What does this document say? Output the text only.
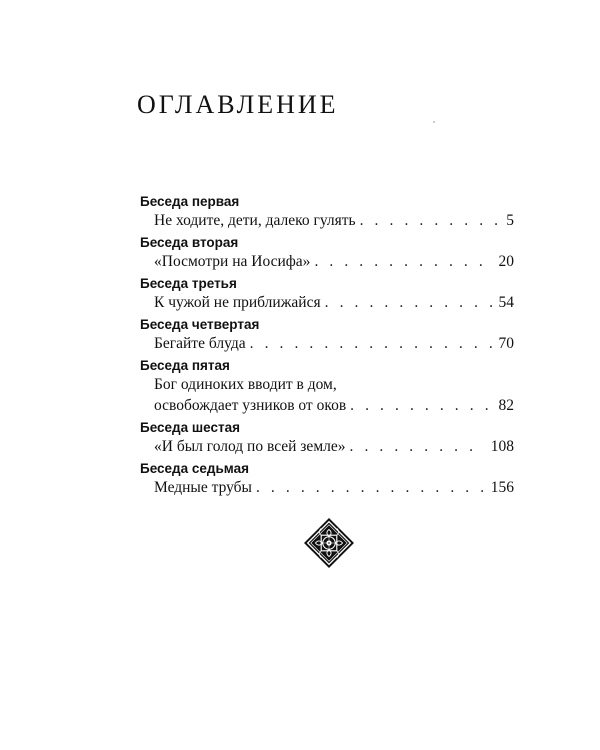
ОГЛАВЛЕНИЕ
Беседа первая
Не ходите, дети, далеко гулять . . .	5
Беседа вторая
«Посмотри на Иосифа» . . .	20
Беседа третья
К чужой не приближайся . . .	54
Беседа четвертая
Бегайте блуда . . .	70
Беседа пятая
Бог одиноких вводит в дом,
освобождает узников от оков . . .	82
Беседа шестая
«И был голод по всей земле» . . .	108
Беседа седьмая
Медные трубы . . .	156
